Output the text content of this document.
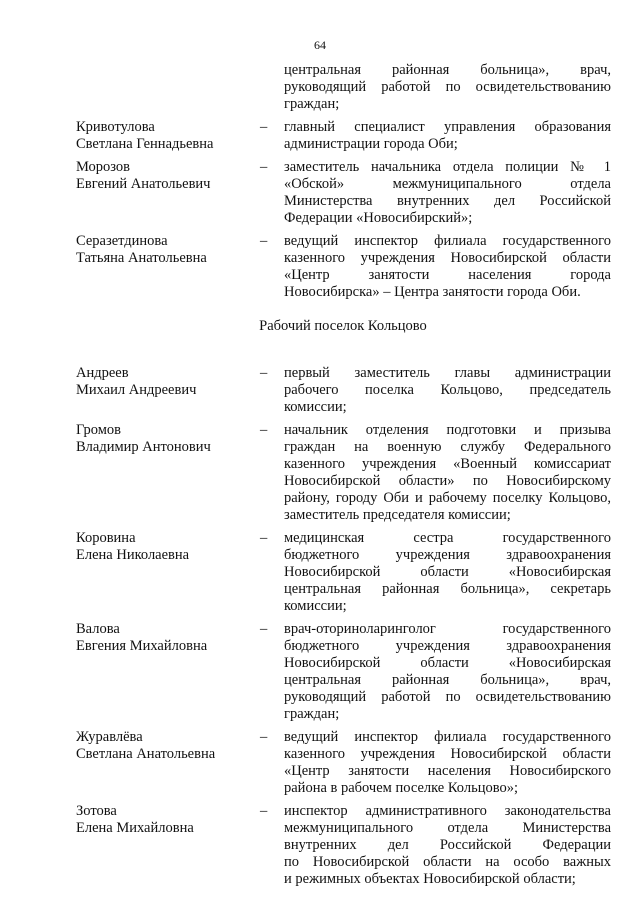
64
центральная районная больница», врач,
руководящий работой по освидетельствованию
граждан;
Кривотулова
Светлана Геннадьевна
–	главный специалист управления образования
администрации города Оби;
Морозов
Евгений Анатольевич
–	заместитель начальника отдела полиции № 1
«Обской» межмуниципального отдела
Министерства внутренних дел Российской
Федерации «Новосибирский»;
Серазетдинова
Татьяна Анатольевна
–	ведущий инспектор филиала государственного
казенного учреждения Новосибирской области
«Центр занятости населения города
Новосибирска» – Центра занятости города Оби.
Рабочий поселок Кольцово
Андреев
Михаил Андреевич
–	первый заместитель главы администрации
рабочего поселка Кольцово, председатель
комиссии;
Громов
Владимир Антонович
–	начальник отделения подготовки и призыва
граждан на военную службу Федерального
казенного учреждения «Военный комиссариат
Новосибирской области» по Новосибирскому
району, городу Оби и рабочему поселку Кольцово,
заместитель председателя комиссии;
Коровина
Елена Николаевна
–	медицинская сестра государственного
бюджетного учреждения здравоохранения
Новосибирской области «Новосибирская
центральная районная больница», секретарь
комиссии;
Валова
Евгения Михайловна
–	врач-оториноларинголог государственного
бюджетного учреждения здравоохранения
Новосибирской области «Новосибирская
центральная районная больница», врач,
руководящий работой по освидетельствованию
граждан;
Журавлёва
Светлана Анатольевна
–	ведущий инспектор филиала государственного
казенного учреждения Новосибирской области
«Центр занятости населения Новосибирского
района в рабочем поселке Кольцово»;
Зотова
Елена Михайловна
–	инспектор административного законодательства
межмуниципального отдела Министерства
внутренних дел Российской Федерации
по Новосибирской области на особо важных
и режимных объектах Новосибирской области;
